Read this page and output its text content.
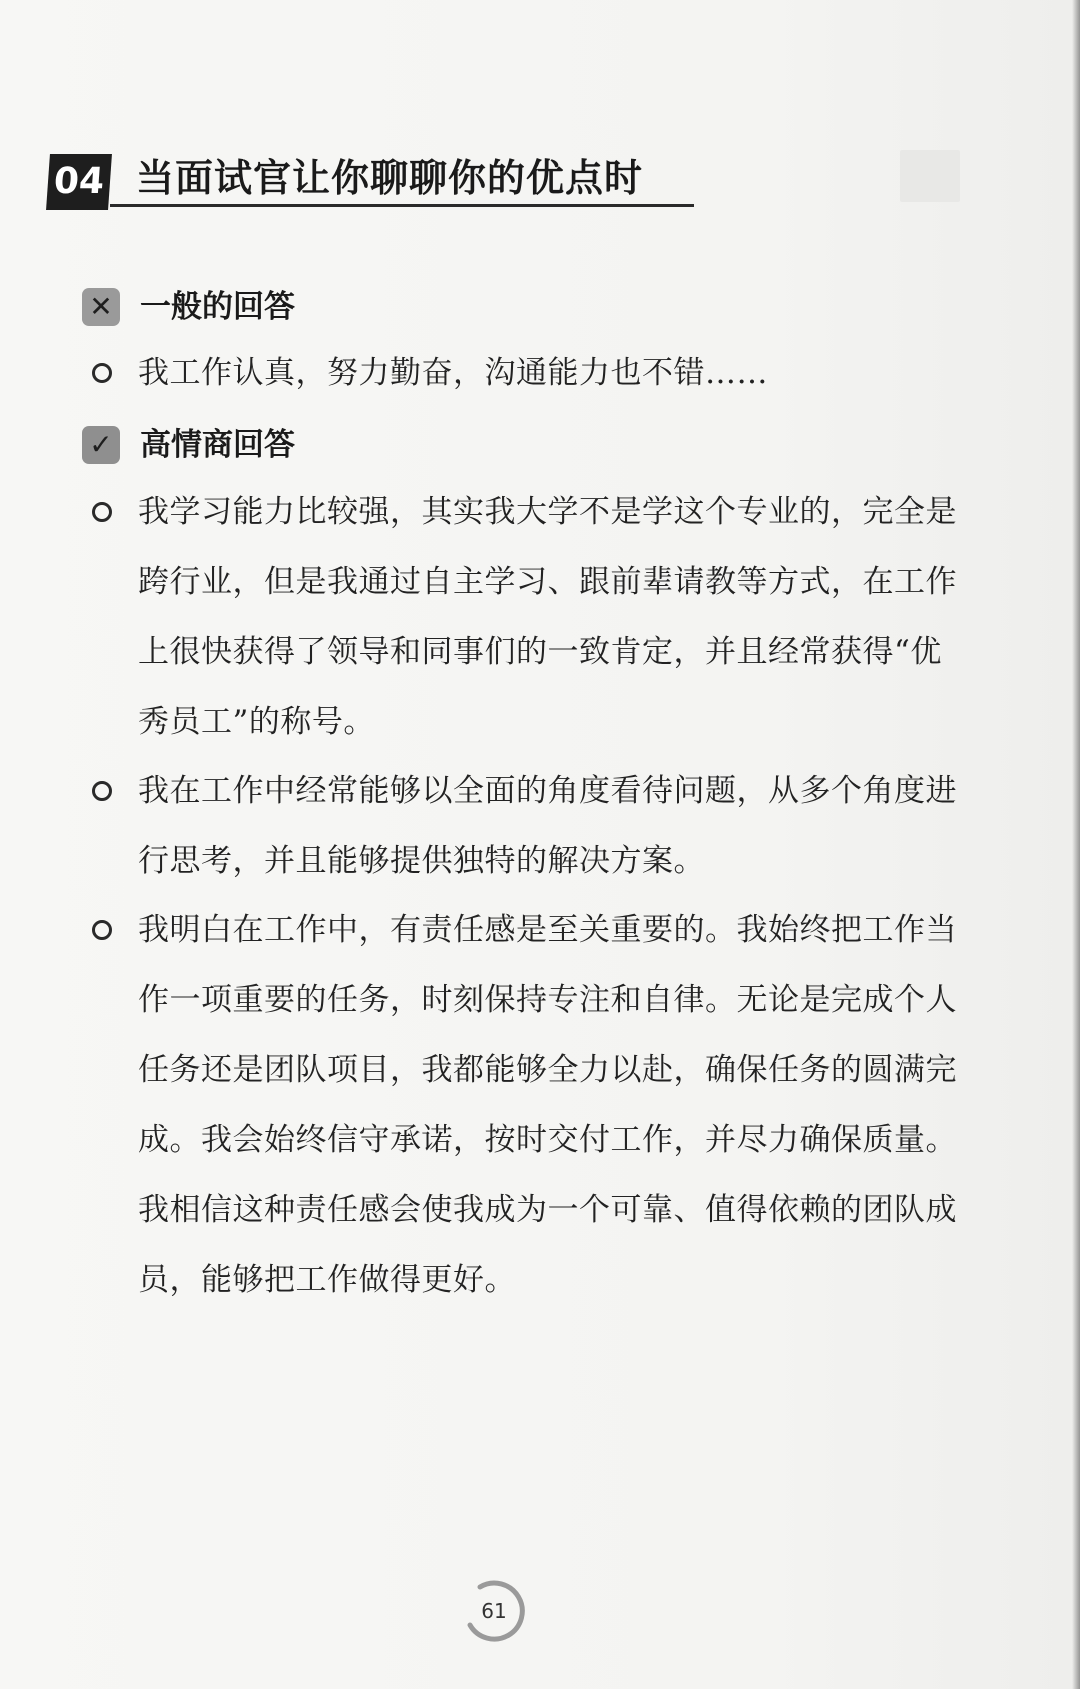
04 当面试官让你聊聊你的优点时
✕ 一般的回答

我工作认真，努力勤奋，沟通能力也不错……

✓ 高情商回答

我学习能力比较强，其实我大学不是学这个专业的，完全是跨行业，但是我通过自主学习、跟前辈请教等方式，在工作上很快获得了领导和同事们的一致肯定，并且经常获得“优秀员工”的称号。

我在工作中经常能够以全面的角度看待问题，从多个角度进行思考，并且能够提供独特的解决方案。

我明白在工作中，有责任感是至关重要的。我始终把工作当作一项重要的任务，时刻保持专注和自律。无论是完成个人任务还是团队项目，我都能够全力以赴，确保任务的圆满完成。我会始终信守承诺，按时交付工作，并尽力确保质量。我相信这种责任感会使我成为一个可靠、值得依赖的团队成员，能够把工作做得更好。

61
